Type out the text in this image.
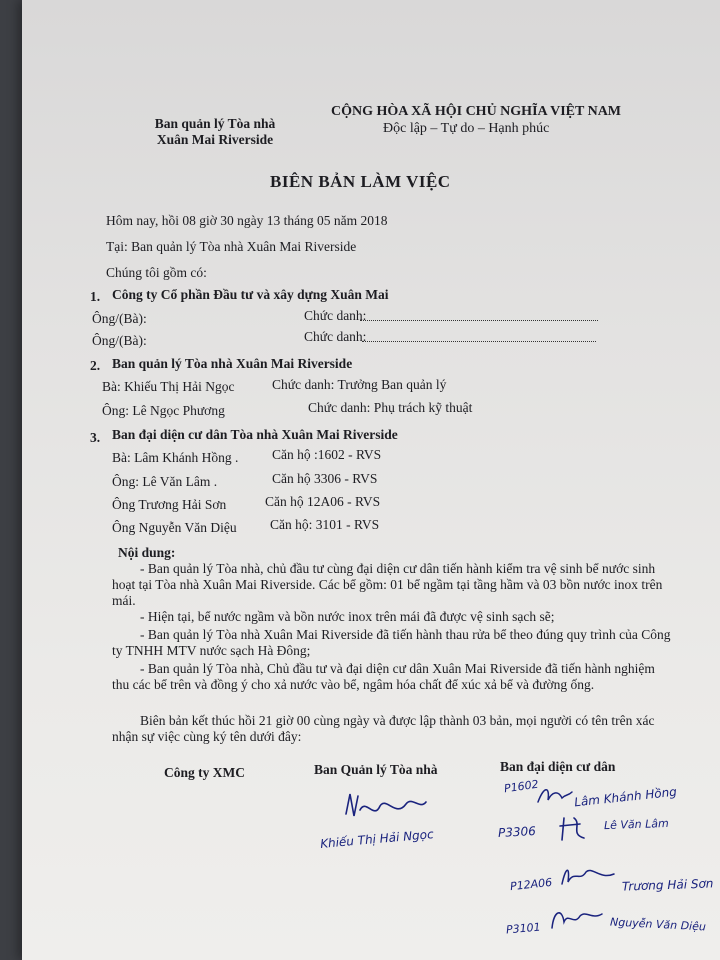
Ban quản lý Tòa nhà
Xuân Mai Riverside
CỘNG HÒA XÃ HỘI CHỦ NGHĨA VIỆT NAM
Độc lập – Tự do – Hạnh phúc
BIÊN BẢN LÀM VIỆC
Hôm nay, hồi 08 giờ 30 ngày 13 tháng 05 năm 2018
Tại: Ban quản lý Tòa nhà Xuân Mai Riverside
Chúng tôi gồm có:
1. Công ty Cổ phần Đầu tư và xây dựng Xuân Mai
Ông/(Bà):	Chức danh:
Ông/(Bà):	Chức danh:
2. Ban quản lý Tòa nhà Xuân Mai Riverside
Bà: Khiếu Thị Hải Ngọc	Chức danh: Trưởng Ban quản lý
Ông: Lê Ngọc Phương	Chức danh: Phụ trách kỹ thuật
3. Ban đại diện cư dân Tòa nhà Xuân Mai Riverside
Bà: Lâm Khánh Hồng . Căn hộ :1602 - RVS
Ông: Lê Văn Lâm .	Căn hộ 3306 - RVS
Ông Trương Hải Sơn	Căn hộ 12A06 - RVS
Ông Nguyễn Văn Diệu Căn hộ: 3101 - RVS
Nội dung:
- Ban quản lý Tòa nhà, chủ đầu tư cùng đại diện cư dân tiến hành kiểm tra vệ sinh bể nước sinh hoạt tại Tòa nhà Xuân Mai Riverside. Các bể gồm: 01 bể ngầm tại tầng hầm và 03 bồn nước inox trên mái.
- Hiện tại, bể nước ngầm và bồn nước inox trên mái đã được vệ sinh sạch sẽ;
- Ban quản lý Tòa nhà Xuân Mai Riverside đã tiến hành thau rửa bể theo đúng quy trình của Công ty TNHH MTV nước sạch Hà Đông;
- Ban quản lý Tòa nhà, Chủ đầu tư và đại diện cư dân Xuân Mai Riverside đã tiến hành nghiệm thu các bể trên và đồng ý cho xả nước vào bể, ngâm hóa chất để xúc xả bể và đường ống.
Biên bản kết thúc hồi 21 giờ 00 cùng ngày và được lập thành 03 bản, mọi người có tên trên xác nhận sự việc cùng ký tên dưới đây:
Công ty XMC	Ban Quản lý Tòa nhà	Ban đại diện cư dân
Khiếu Thị Hải Ngọc
P1602	Lâm Khánh Hồng
P3306	Lê Văn Lâm
P12A06	Trương Hải Sơn
P3101	Nguyễn Văn Diệu
